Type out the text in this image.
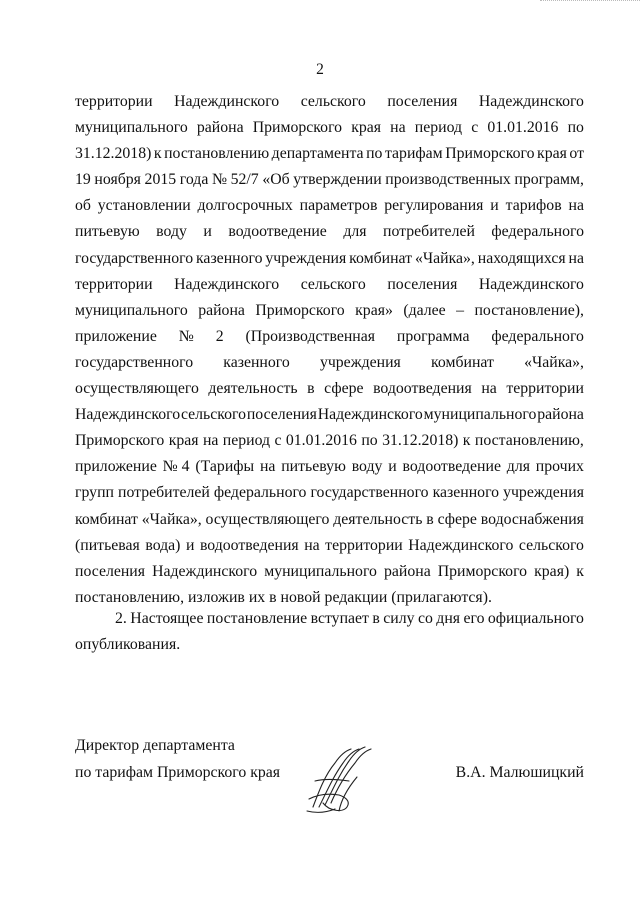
2
территории Надеждинского сельского поселения Надеждинского
муниципального района Приморского края на период с 01.01.2016 по
31.12.2018) к постановлению департамента по тарифам Приморского края от
19 ноября 2015 года № 52/7 «Об утверждении производственных программ,
об установлении долгосрочных параметров регулирования и тарифов на
питьевую воду и водоотведение для потребителей федерального
государственного казенного учреждения комбинат «Чайка», находящихся на
территории Надеждинского сельского поселения Надеждинского
муниципального района Приморского края» (далее – постановление),
приложение № 2 (Производственная программа федерального
государственного казенного учреждения комбинат «Чайка»,
осуществляющего деятельность в сфере водоотведения на территории
Надеждинского сельского поселения Надеждинского муниципального района
Приморского края на период с 01.01.2016 по 31.12.2018) к постановлению,
приложение № 4 (Тарифы на питьевую воду и водоотведение для прочих
групп потребителей федерального государственного казенного учреждения
комбинат «Чайка», осуществляющего деятельность в сфере водоснабжения
(питьевая вода) и водоотведения на территории Надеждинского сельского
поселения Надеждинского муниципального района Приморского края) к
постановлению, изложив их в новой редакции (прилагаются).
2. Настоящее постановление вступает в силу со дня его официального
опубликования.
Директор департамента
по тарифам Приморского края	В.А. Малюшицкий
